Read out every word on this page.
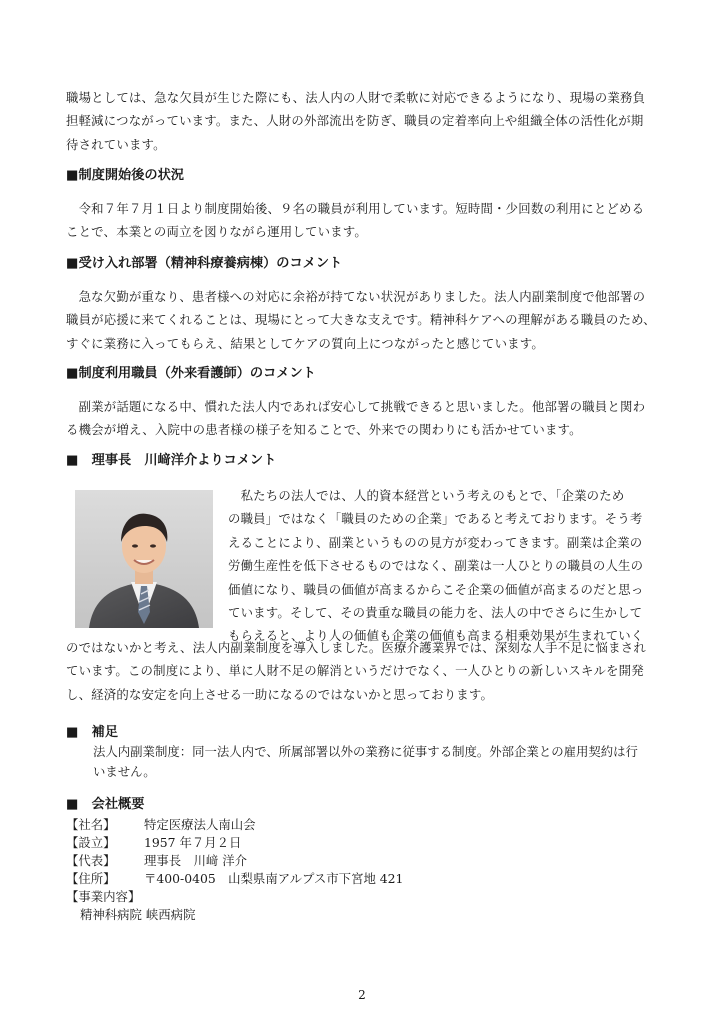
職場としては、急な欠員が生じた際にも、法人内の人財で柔軟に対応できるようになり、現場の業務負
担軽減につながっています。また、人財の外部流出を防ぎ、職員の定着率向上や組織全体の活性化が期
待されています。
■制度開始後の状況
　令和７年７月１日より制度開始後、９名の職員が利用しています。短時間・少回数の利用にとどめる
ことで、本業との両立を図りながら運用しています。
■受け入れ部署（精神科療養病棟）のコメント
　急な欠勤が重なり、患者様への対応に余裕が持てない状況がありました。法人内副業制度で他部署の
職員が応援に来てくれることは、現場にとって大きな支えです。精神科ケアへの理解がある職員のため、
すぐに業務に入ってもらえ、結果としてケアの質向上につながったと感じています。
■制度利用職員（外来看護師）のコメント
　副業が話題になる中、慣れた法人内であれば安心して挑戦できると思いました。他部署の職員と関わ
る機会が増え、入院中の患者様の様子を知ることで、外来での関わりにも活かせています。
■　理事長　川﨑洋介よりコメント
　私たちの法人では、人的資本経営という考えのもとで、「企業のため
の職員」ではなく「職員のための企業」であると考えております。そう考
えることにより、副業というものの見方が変わってきます。副業は企業の
労働生産性を低下させるものではなく、副業は一人ひとりの職員の人生の
価値になり、職員の価値が高まるからこそ企業の価値が高まるのだと思っ
ています。そして、その貴重な職員の能力を、法人の中でさらに生かして
もらえると、より人の価値も企業の価値も高まる相乗効果が生まれていく
のではないかと考え、法人内副業制度を導入しました。医療介護業界では、深刻な人手不足に悩まされ
ています。この制度により、単に人財不足の解消というだけでなく、一人ひとりの新しいスキルを開発
し、経済的な安定を向上させる一助になるのではないかと思っております。
■　補足
法人内副業制度：同一法人内で、所属部署以外の業務に従事する制度。外部企業との雇用契約は行
いません。
■　会社概要
【社名】 特定医療法人南山会
【設立】 1957 年７月２日
【代表】 理事長　川﨑 洋介
【住所】 〒400-0405　山梨県南アルプス市下宮地 421
【事業内容】
精神科病院 峡西病院
2
